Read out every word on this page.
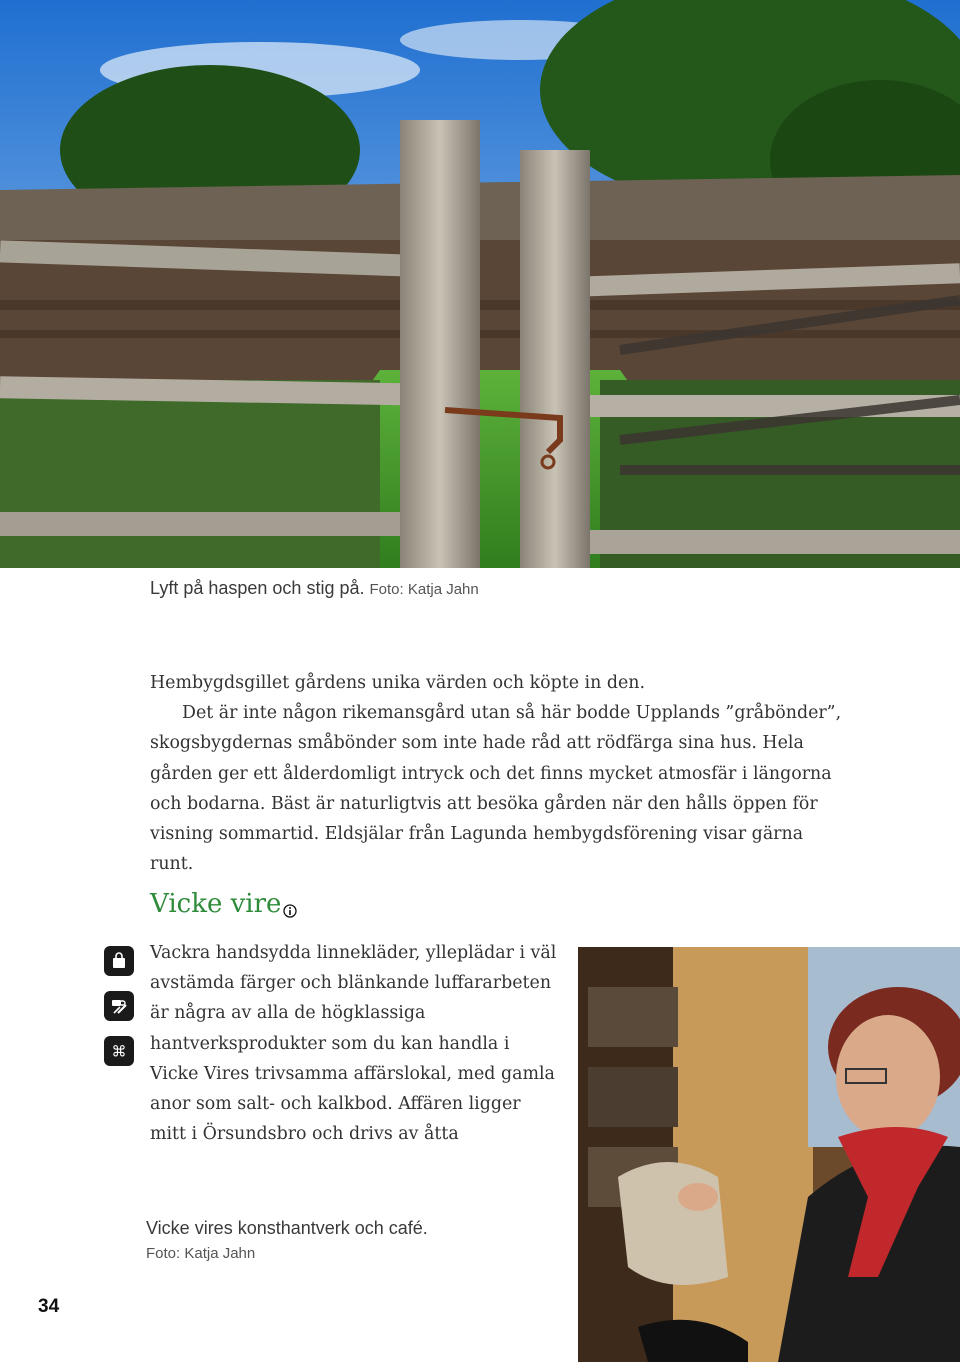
Lyft på haspen och stig på. Foto: Katja Jahn

Hembygdsgillet gårdens unika värden och köpte in den.

Det är inte någon rikemansgård utan så här bodde Upplands ”gråbönder”, skogsbygdernas småbönder som inte hade råd att rödfärga sina hus. Hela gården ger ett ålderdomligt intryck och det finns mycket atmosfär i längorna och bodarna. Bäst är naturligtvis att besöka gården när den hålls öppen för visning sommartid. Eldsjälar från Lagunda hembygdsförening visar gärna runt.

Vicke vire
⌘

Vackra handsydda linnekläder, ylleplädar i väl avstämda färger och blänkande luffararbeten är några av alla de högklassiga hantverksprodukter som du kan handla i Vicke Vires trivsamma affärslokal, med gamla anor som salt- och kalkbod. Affären ligger mitt i Örsundsbro och drivs av åtta

Vicke vires konsthantverk och café.
Foto: Katja Jahn
34
